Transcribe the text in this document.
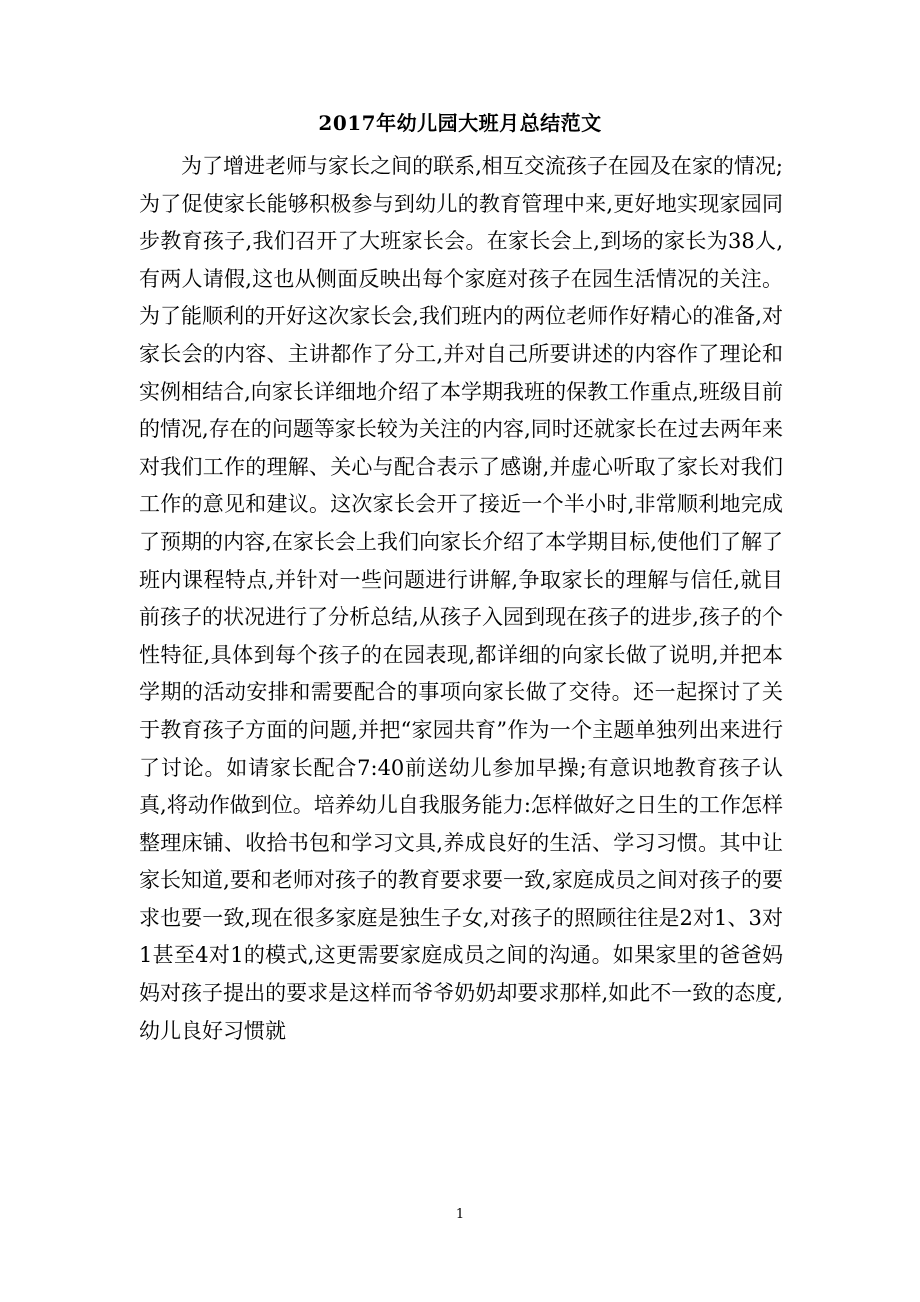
2017年幼儿园大班月总结范文

为了增进老师与家长之间的联系,相互交流孩子在园及在家的情况;为了促使家长能够积极参与到幼儿的教育管理中来,更好地实现家园同步教育孩子,我们召开了大班家长会。在家长会上,到场的家长为38人,有两人请假,这也从侧面反映出每个家庭对孩子在园生活情况的关注。为了能顺利的开好这次家长会,我们班内的两位老师作好精心的准备,对家长会的内容、主讲都作了分工,并对自己所要讲述的内容作了理论和实例相结合,向家长详细地介绍了本学期我班的保教工作重点,班级目前的情况,存在的问题等家长较为关注的内容,同时还就家长在过去两年来对我们工作的理解、关心与配合表示了感谢,并虚心听取了家长对我们工作的意见和建议。这次家长会开了接近一个半小时,非常顺利地完成了预期的内容,在家长会上我们向家长介绍了本学期目标,使他们了解了班内课程特点,并针对一些问题进行讲解,争取家长的理解与信任,就目前孩子的状况进行了分析总结,从孩子入园到现在孩子的进步,孩子的个性特征,具体到每个孩子的在园表现,都详细的向家长做了说明,并把本学期的活动安排和需要配合的事项向家长做了交待。还一起探讨了关于教育孩子方面的问题,并把“家园共育”作为一个主题单独列出来进行了讨论。如请家长配合7:40前送幼儿参加早操;有意识地教育孩子认真,将动作做到位。培养幼儿自我服务能力:怎样做好之日生的工作怎样整理床铺、收拾书包和学习文具,养成良好的生活、学习习惯。其中让家长知道,要和老师对孩子的教育要求要一致,家庭成员之间对孩子的要求也要一致,现在很多家庭是独生子女,对孩子的照顾往往是2对1、3对1甚至4对1的模式,这更需要家庭成员之间的沟通。如果家里的爸爸妈妈对孩子提出的要求是这样而爷爷奶奶却要求那样,如此不一致的态度,幼儿良好习惯就

1
